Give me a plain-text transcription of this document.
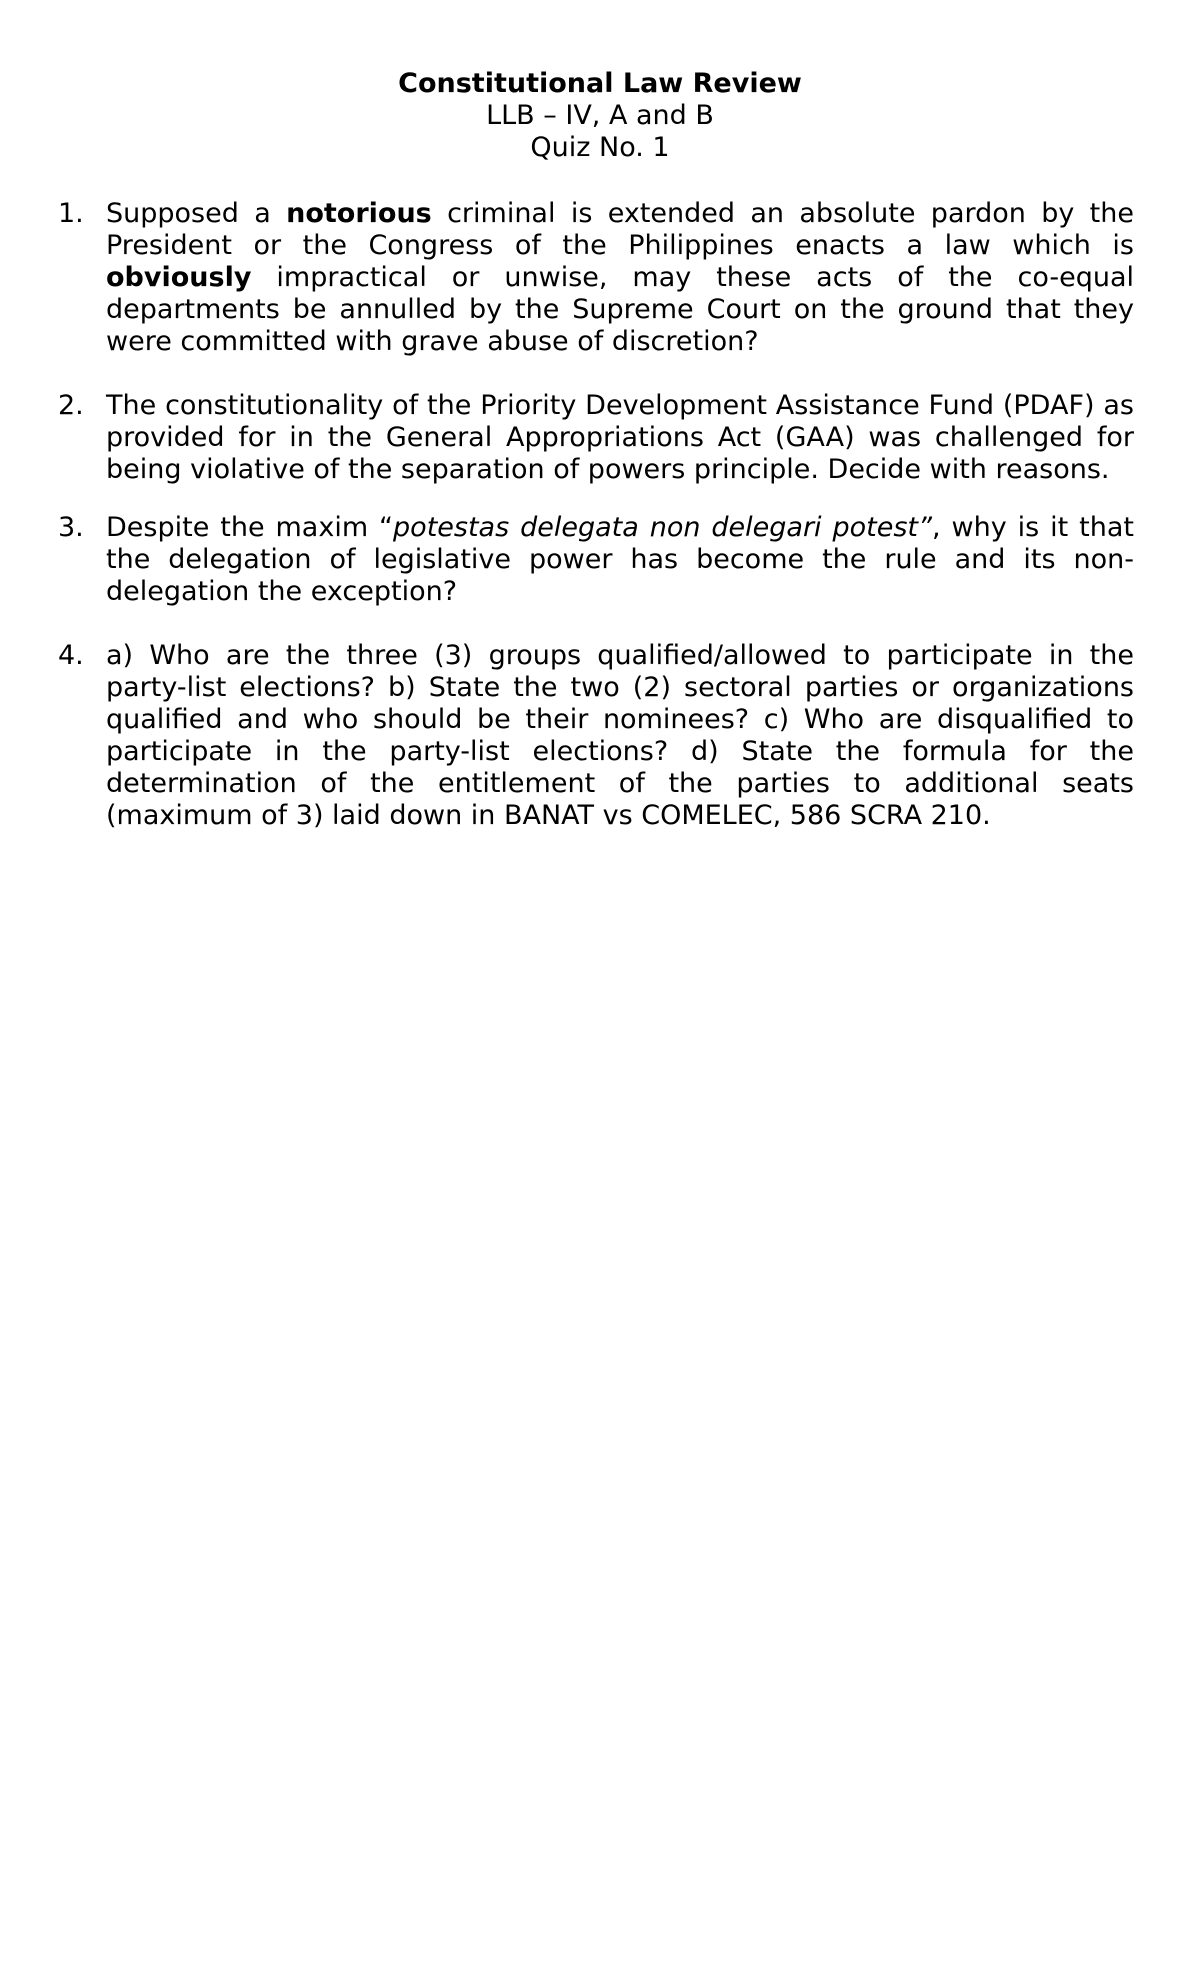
Constitutional Law Review
LLB – IV, A and B
Quiz No. 1
1. Supposed a notorious criminal is extended an absolute pardon by the President or the Congress of the Philippines enacts a law which is obviously impractical or unwise, may these acts of the co-equal departments be annulled by the Supreme Court on the ground that they were committed with grave abuse of discretion?
2. The constitutionality of the Priority Development Assistance Fund (PDAF) as provided for in the General Appropriations Act (GAA) was challenged for being violative of the separation of powers principle. Decide with reasons.
3. Despite the maxim “potestas delegata non delegari potest”, why is it that the delegation of legislative power has become the rule and its non-delegation the exception?
4. a) Who are the three (3) groups qualified/allowed to participate in the party-list elections? b) State the two (2) sectoral parties or organizations qualified and who should be their nominees? c) Who are disqualified to participate in the party-list elections? d) State the formula for the determination of the entitlement of the parties to additional seats (maximum of 3) laid down in BANAT vs COMELEC, 586 SCRA 210.
